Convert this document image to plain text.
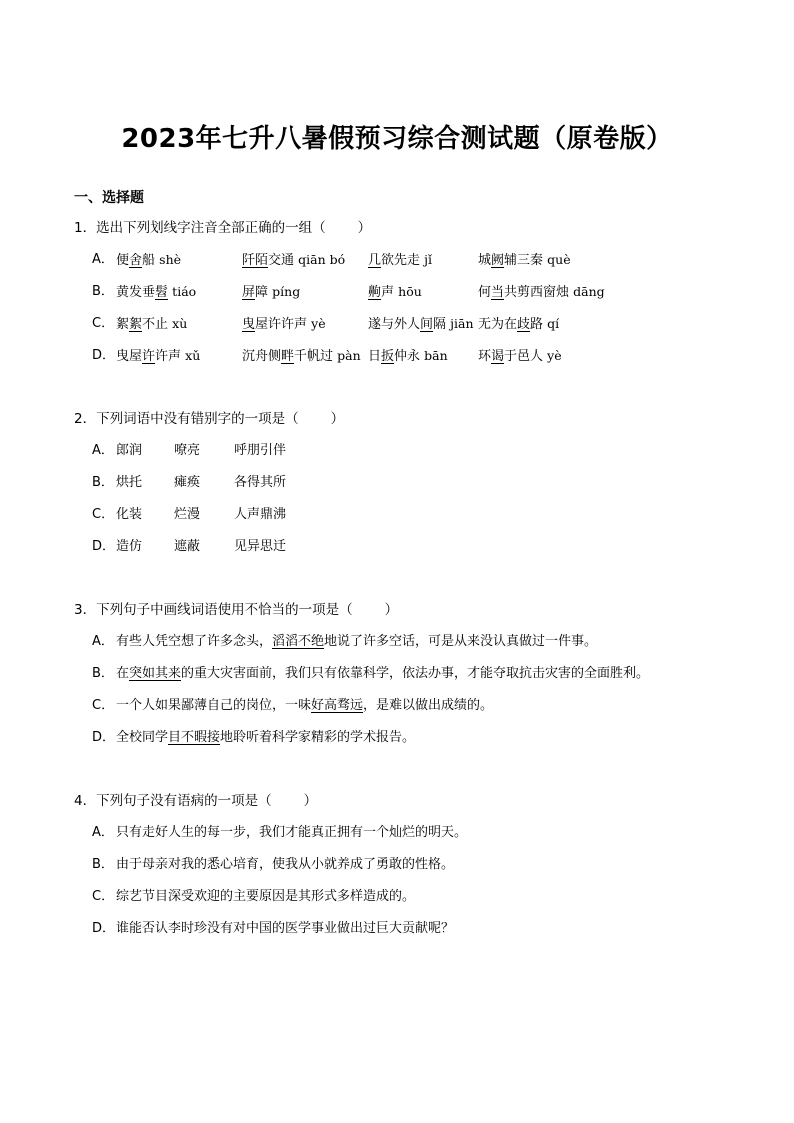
2023年七升八暑假预习综合测试题（原卷版）
一、选择题
1．选出下列划线字注音全部正确的一组（ ）
A． 便舍船 shè	阡陌交通 qiān bó 几欲先走 jǐ	城阙辅三秦 què
B． 黄发垂髫 tiáo	屏障 píng	齁声 hōu	何当共剪西窗烛 dāng
C． 絮絮不止 xù	曳屋许许声 yè	遂与外人间隔 jiān 无为在歧路 qí
D． 曳屋许许声 xǔ	沉舟侧畔千帆过 pàn 日扳仲永 bān 环谒于邑人 yè
2．下列词语中没有错别字的一项是（ ）
A． 郎润 嘹亮	呼朋引伴
B． 烘托 瘫痪	各得其所
C． 化装 烂漫	人声鼎沸
D． 造仿 遮蔽	见异思迁
3．下列句子中画线词语使用不恰当的一项是（ ）
A． 有些人凭空想了许多念头，滔滔不绝地说了许多空话，可是从来没认真做过一件事。
B． 在突如其来的重大灾害面前，我们只有依靠科学，依法办事，才能夺取抗击灾害的全面胜利。
C． 一个人如果鄙薄自己的岗位，一味好高骛远，是难以做出成绩的。
D．全校同学目不暇接地聆听着科学家精彩的学术报告。
4．下列句子没有语病的一项是（ ）
A． 只有走好人生的每一步，我们才能真正拥有一个灿烂的明天。
B． 由于母亲对我的悉心培育，使我从小就养成了勇敢的性格。
C． 综艺节目深受欢迎的主要原因是其形式多样造成的。
D．谁能否认李时珍没有对中国的医学事业做出过巨大贡献呢？
